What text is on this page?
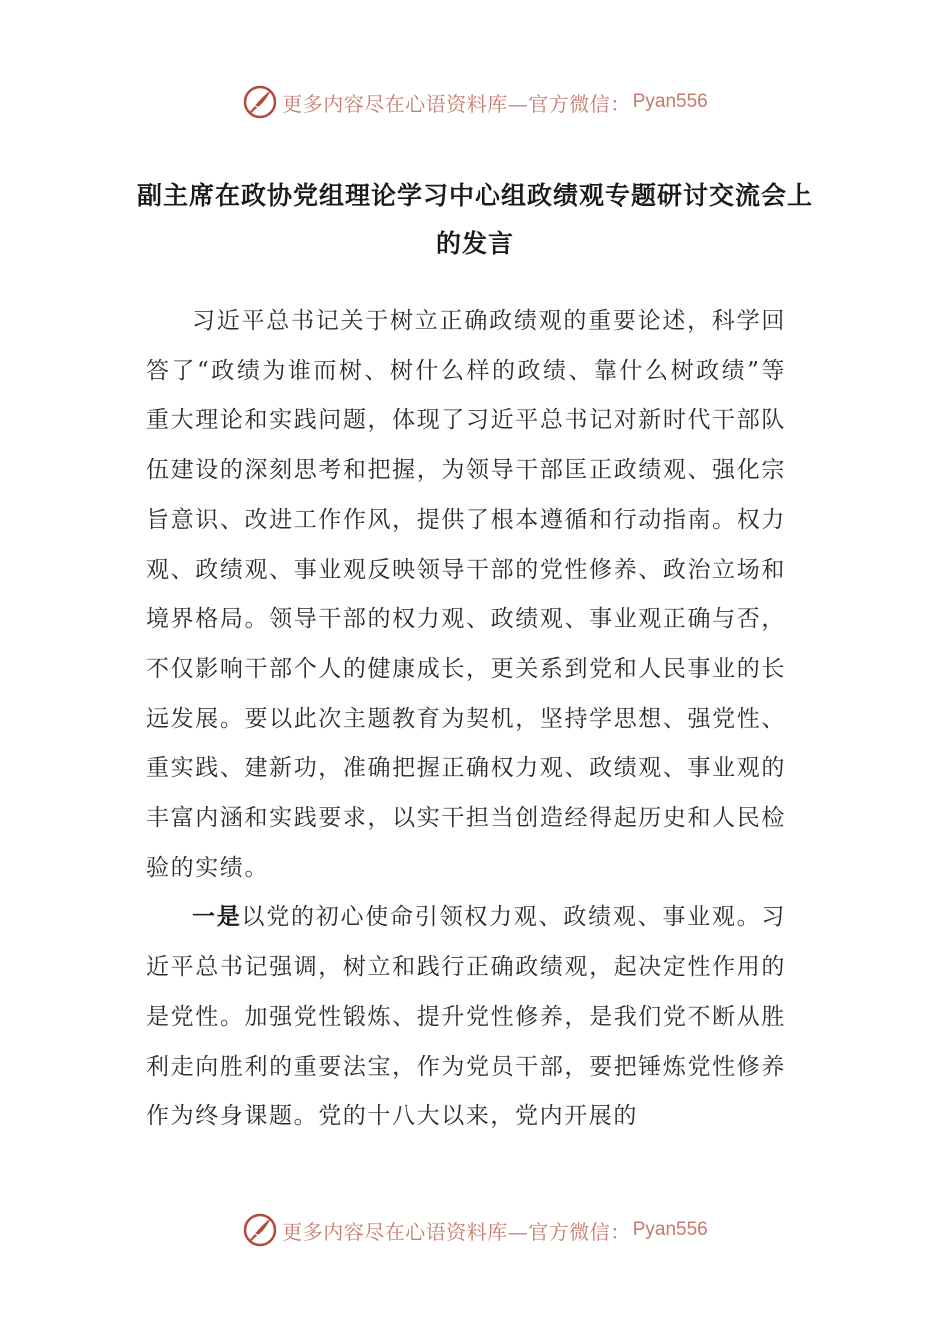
更多内容尽在心语资料库—官方微信： Pyan556
副主席在政协党组理论学习中心组政绩观专题研讨交流会上的发言

习近平总书记关于树立正确政绩观的重要论述，科学回答了“政绩为谁而树、树什么样的政绩、靠什么树政绩”等重大理论和实践问题，体现了习近平总书记对新时代干部队伍建设的深刻思考和把握，为领导干部匡正政绩观、强化宗旨意识、改进工作作风，提供了根本遵循和行动指南。权力观、政绩观、事业观反映领导干部的党性修养、政治立场和境界格局。领导干部的权力观、政绩观、事业观正确与否，不仅影响干部个人的健康成长，更关系到党和人民事业的长远发展。要以此次主题教育为契机，坚持学思想、强党性、重实践、建新功，准确把握正确权力观、政绩观、事业观的丰富内涵和实践要求，以实干担当创造经得起历史和人民检验的实绩。

一是以党的初心使命引领权力观、政绩观、事业观。习近平总书记强调，树立和践行正确政绩观，起决定性作用的是党性。加强党性锻炼、提升党性修养，是我们党不断从胜利走向胜利的重要法宝，作为党员干部，要把锤炼党性修养作为终身课题。党的十八大以来，党内开展的

更多内容尽在心语资料库—官方微信： Pyan556
